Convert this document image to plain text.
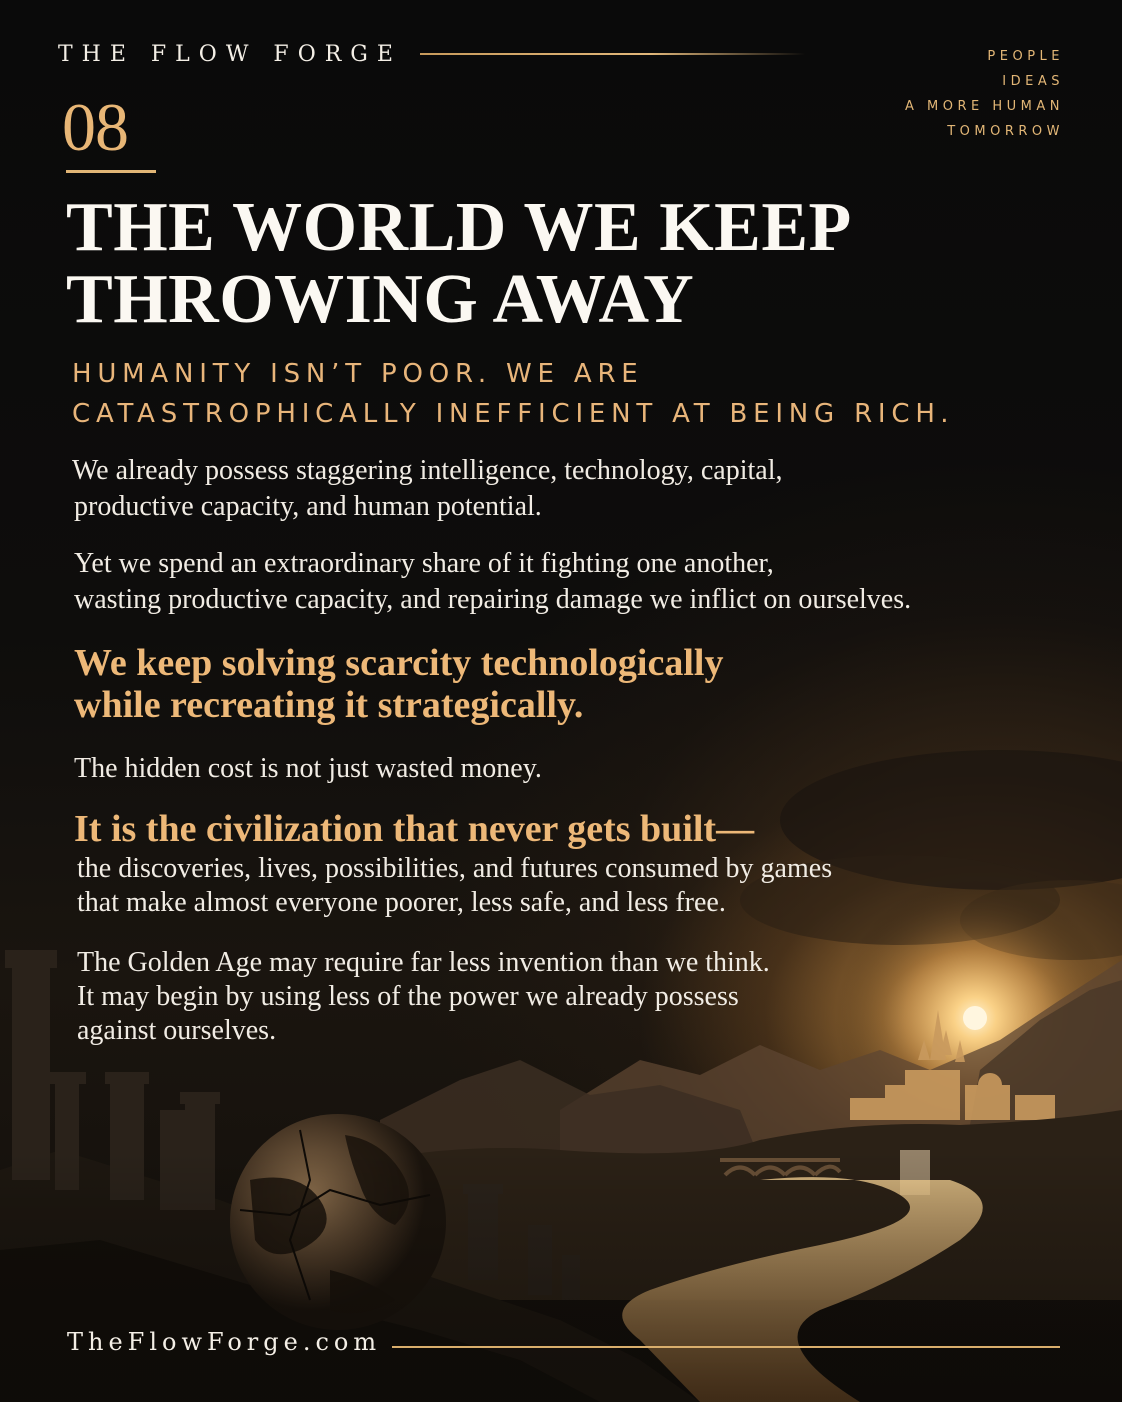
THE FLOW FORGE	PEOPLE
IDEAS
A MORE HUMAN
TOMORROW
08
THE WORLD WE KEEP
THROWING AWAY
HUMANITY ISN’T POOR. WE ARE
CATASTROPHICALLY INEFFICIENT AT BEING RICH.
We already possess staggering intelligence, technology, capital,
productive capacity, and human potential.
Yet we spend an extraordinary share of it fighting one another,
wasting productive capacity, and repairing damage we inflict on ourselves.
We keep solving scarcity technologically
while recreating it strategically.
The hidden cost is not just wasted money.
It is the civilization that never gets built—
the discoveries, lives, possibilities, and futures consumed by games
that make almost everyone poorer, less safe, and less free.
The Golden Age may require far less invention than we think.
It may begin by using less of the power we already possess
against ourselves.
TheFlowForge.com
